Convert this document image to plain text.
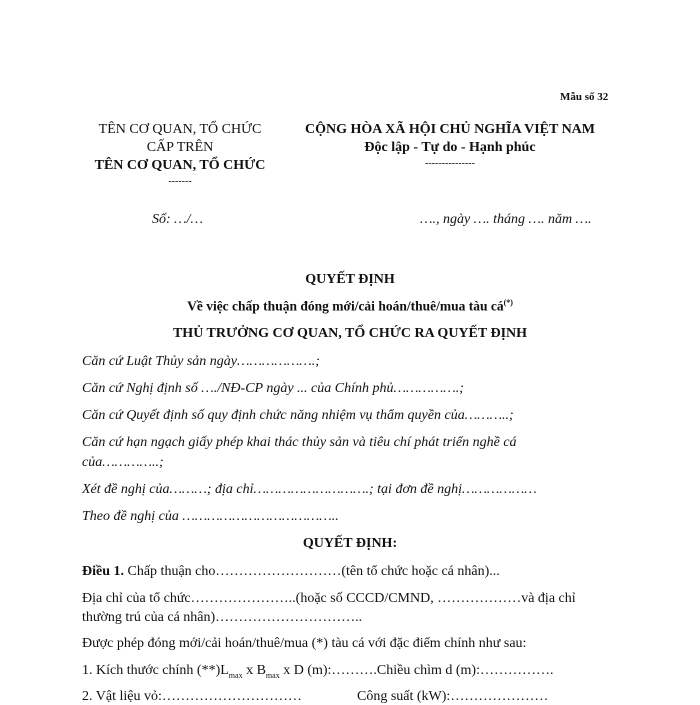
Mẫu số 32
TÊN CƠ QUAN, TỔ CHỨC
CẤP TRÊN
TÊN CƠ QUAN, TỔ CHỨC
-------
CỘNG HÒA XÃ HỘI CHỦ NGHĨA VIỆT NAM
Độc lập - Tự do - Hạnh phúc
---------------
Số: …/…	…., ngày …. tháng …. năm ….
QUYẾT ĐỊNH
Về việc chấp thuận đóng mới/cải hoán/thuê/mua tàu cá(*)
THỦ TRƯỞNG CƠ QUAN, TỔ CHỨC RA QUYẾT ĐỊNH
Căn cứ Luật Thủy sản ngày……………….;
Căn cứ Nghị định số …./NĐ-CP ngày ... của Chính phủ…………….;
Căn cứ Quyết định số quy định chức năng nhiệm vụ thẩm quyền của………..;
Căn cứ hạn ngạch giấy phép khai thác thủy sản và tiêu chí phát triển nghề cá
của…………..;
Xét đề nghị của………; địa chỉ……………………….; tại đơn đề nghị………………
Theo đề nghị của ………………………………..
QUYẾT ĐỊNH:
Điều 1. Chấp thuận cho………………………(tên tổ chức hoặc cá nhân)...
Địa chỉ của tổ chức…………………..(hoặc số CCCD/CMND, ………………và địa chỉ
thường trú của cá nhân)…………………………..
Được phép đóng mới/cải hoán/thuê/mua (*) tàu cá với đặc điểm chính như sau:
1. Kích thước chính $(**)L_{max}$ x $B_{max}$ x D (m):……….Chiều chìm d (m):…………….
2. Vật liệu vỏ:…………………………	Công suất (kW):…………………
